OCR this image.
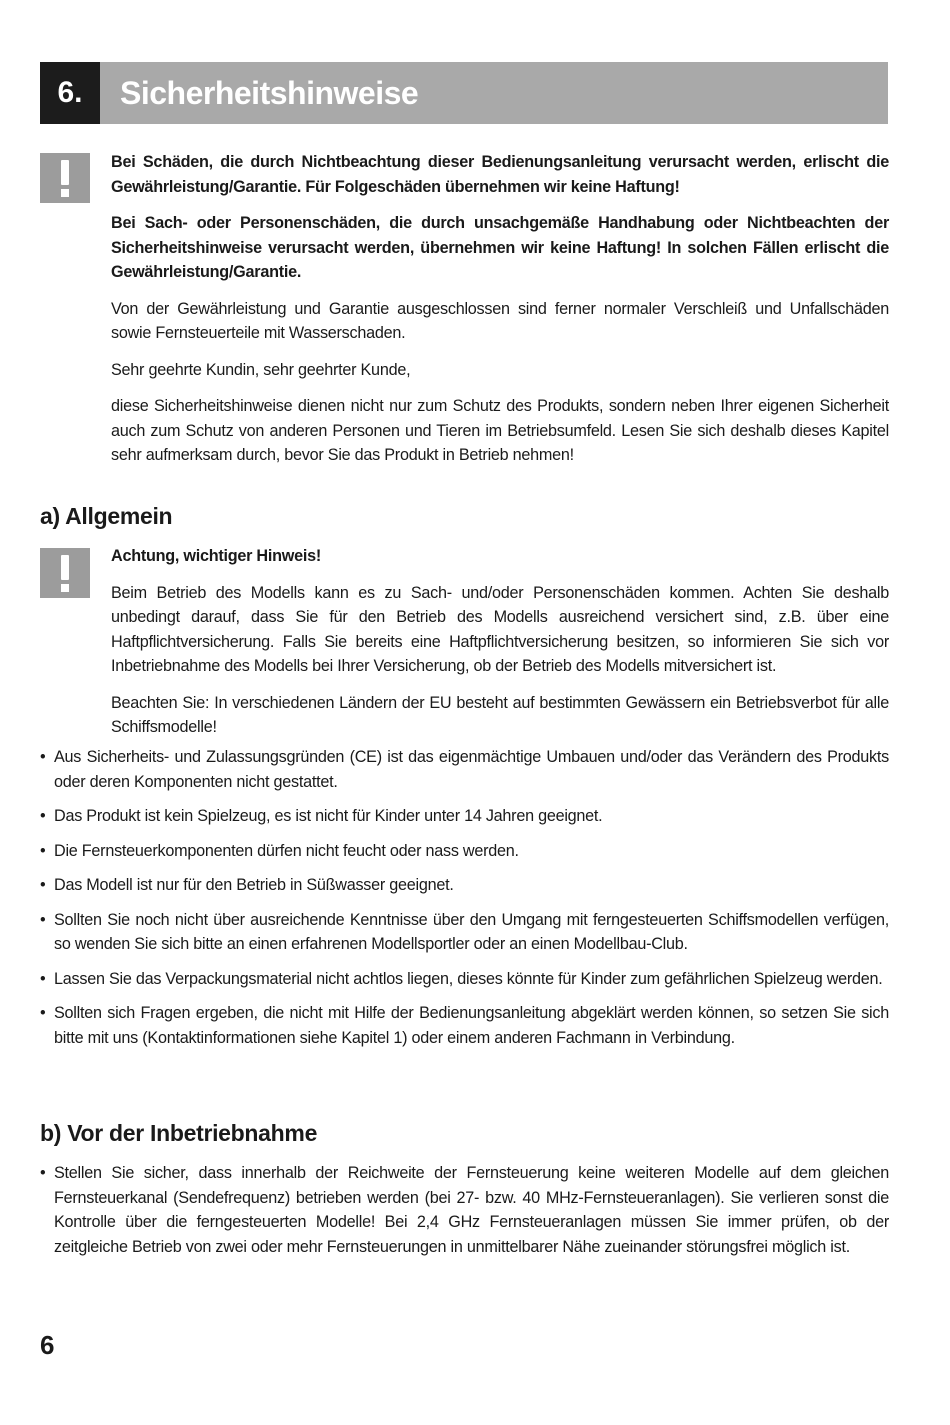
6.	Sicherheitshinweise

Bei Schäden, die durch Nichtbeachtung dieser Bedienungsanleitung verursacht werden, erlischt die Gewährleistung/Garantie. Für Folgeschäden übernehmen wir keine Haftung!

Bei Sach- oder Personenschäden, die durch unsachgemäße Handhabung oder Nichtbeachten der Sicherheitshinweise verursacht werden, übernehmen wir keine Haftung! In solchen Fällen erlischt die Gewährleistung/Garantie.

Von der Gewährleistung und Garantie ausgeschlossen sind ferner normaler Verschleiß und Unfallschäden sowie Fernsteuerteile mit Wasserschaden.

Sehr geehrte Kundin, sehr geehrter Kunde,

diese Sicherheitshinweise dienen nicht nur zum Schutz des Produkts, sondern neben Ihrer eigenen Sicherheit auch zum Schutz von anderen Personen und Tieren im Betriebsumfeld. Lesen Sie sich deshalb dieses Kapitel sehr aufmerksam durch, bevor Sie das Produkt in Betrieb nehmen!

a) Allgemein

Achtung, wichtiger Hinweis!

Beim Betrieb des Modells kann es zu Sach- und/oder Personenschäden kommen. Achten Sie deshalb unbedingt darauf, dass Sie für den Betrieb des Modells ausreichend versichert sind, z.B. über eine Haftpflichtversicherung. Falls Sie bereits eine Haftpflichtversicherung besitzen, so informieren Sie sich vor Inbetriebnahme des Modells bei Ihrer Versicherung, ob der Betrieb des Modells mitversichert ist.

Beachten Sie: In verschiedenen Ländern der EU besteht auf bestimmten Gewässern ein Betriebsverbot für alle Schiffsmodelle!

• Aus Sicherheits- und Zulassungsgründen (CE) ist das eigenmächtige Umbauen und/oder das Verändern des Produkts oder deren Komponenten nicht gestattet.
• Das Produkt ist kein Spielzeug, es ist nicht für Kinder unter 14 Jahren geeignet.
• Die Fernsteuerkomponenten dürfen nicht feucht oder nass werden.
• Das Modell ist nur für den Betrieb in Süßwasser geeignet.
• Sollten Sie noch nicht über ausreichende Kenntnisse über den Umgang mit ferngesteuerten Schiffsmodellen verfügen, so wenden Sie sich bitte an einen erfahrenen Modellsportler oder an einen Modellbau-Club.
• Lassen Sie das Verpackungsmaterial nicht achtlos liegen, dieses könnte für Kinder zum gefährlichen Spielzeug werden.
• Sollten sich Fragen ergeben, die nicht mit Hilfe der Bedienungsanleitung abgeklärt werden können, so setzen Sie sich bitte mit uns (Kontaktinformationen siehe Kapitel 1) oder einem anderen Fachmann in Verbindung.
b) Vor der Inbetriebnahme
• Stellen Sie sicher, dass innerhalb der Reichweite der Fernsteuerung keine weiteren Modelle auf dem gleichen Fernsteuerkanal (Sendefrequenz) betrieben werden (bei 27- bzw. 40 MHz-Fernsteueranlagen). Sie verlieren sonst die Kontrolle über die ferngesteuerten Modelle! Bei 2,4 GHz Fernsteueranlagen müssen Sie immer prüfen, ob der zeitgleiche Betrieb von zwei oder mehr Fernsteuerungen in unmittelbarer Nähe zueinander störungsfrei möglich ist.
6
